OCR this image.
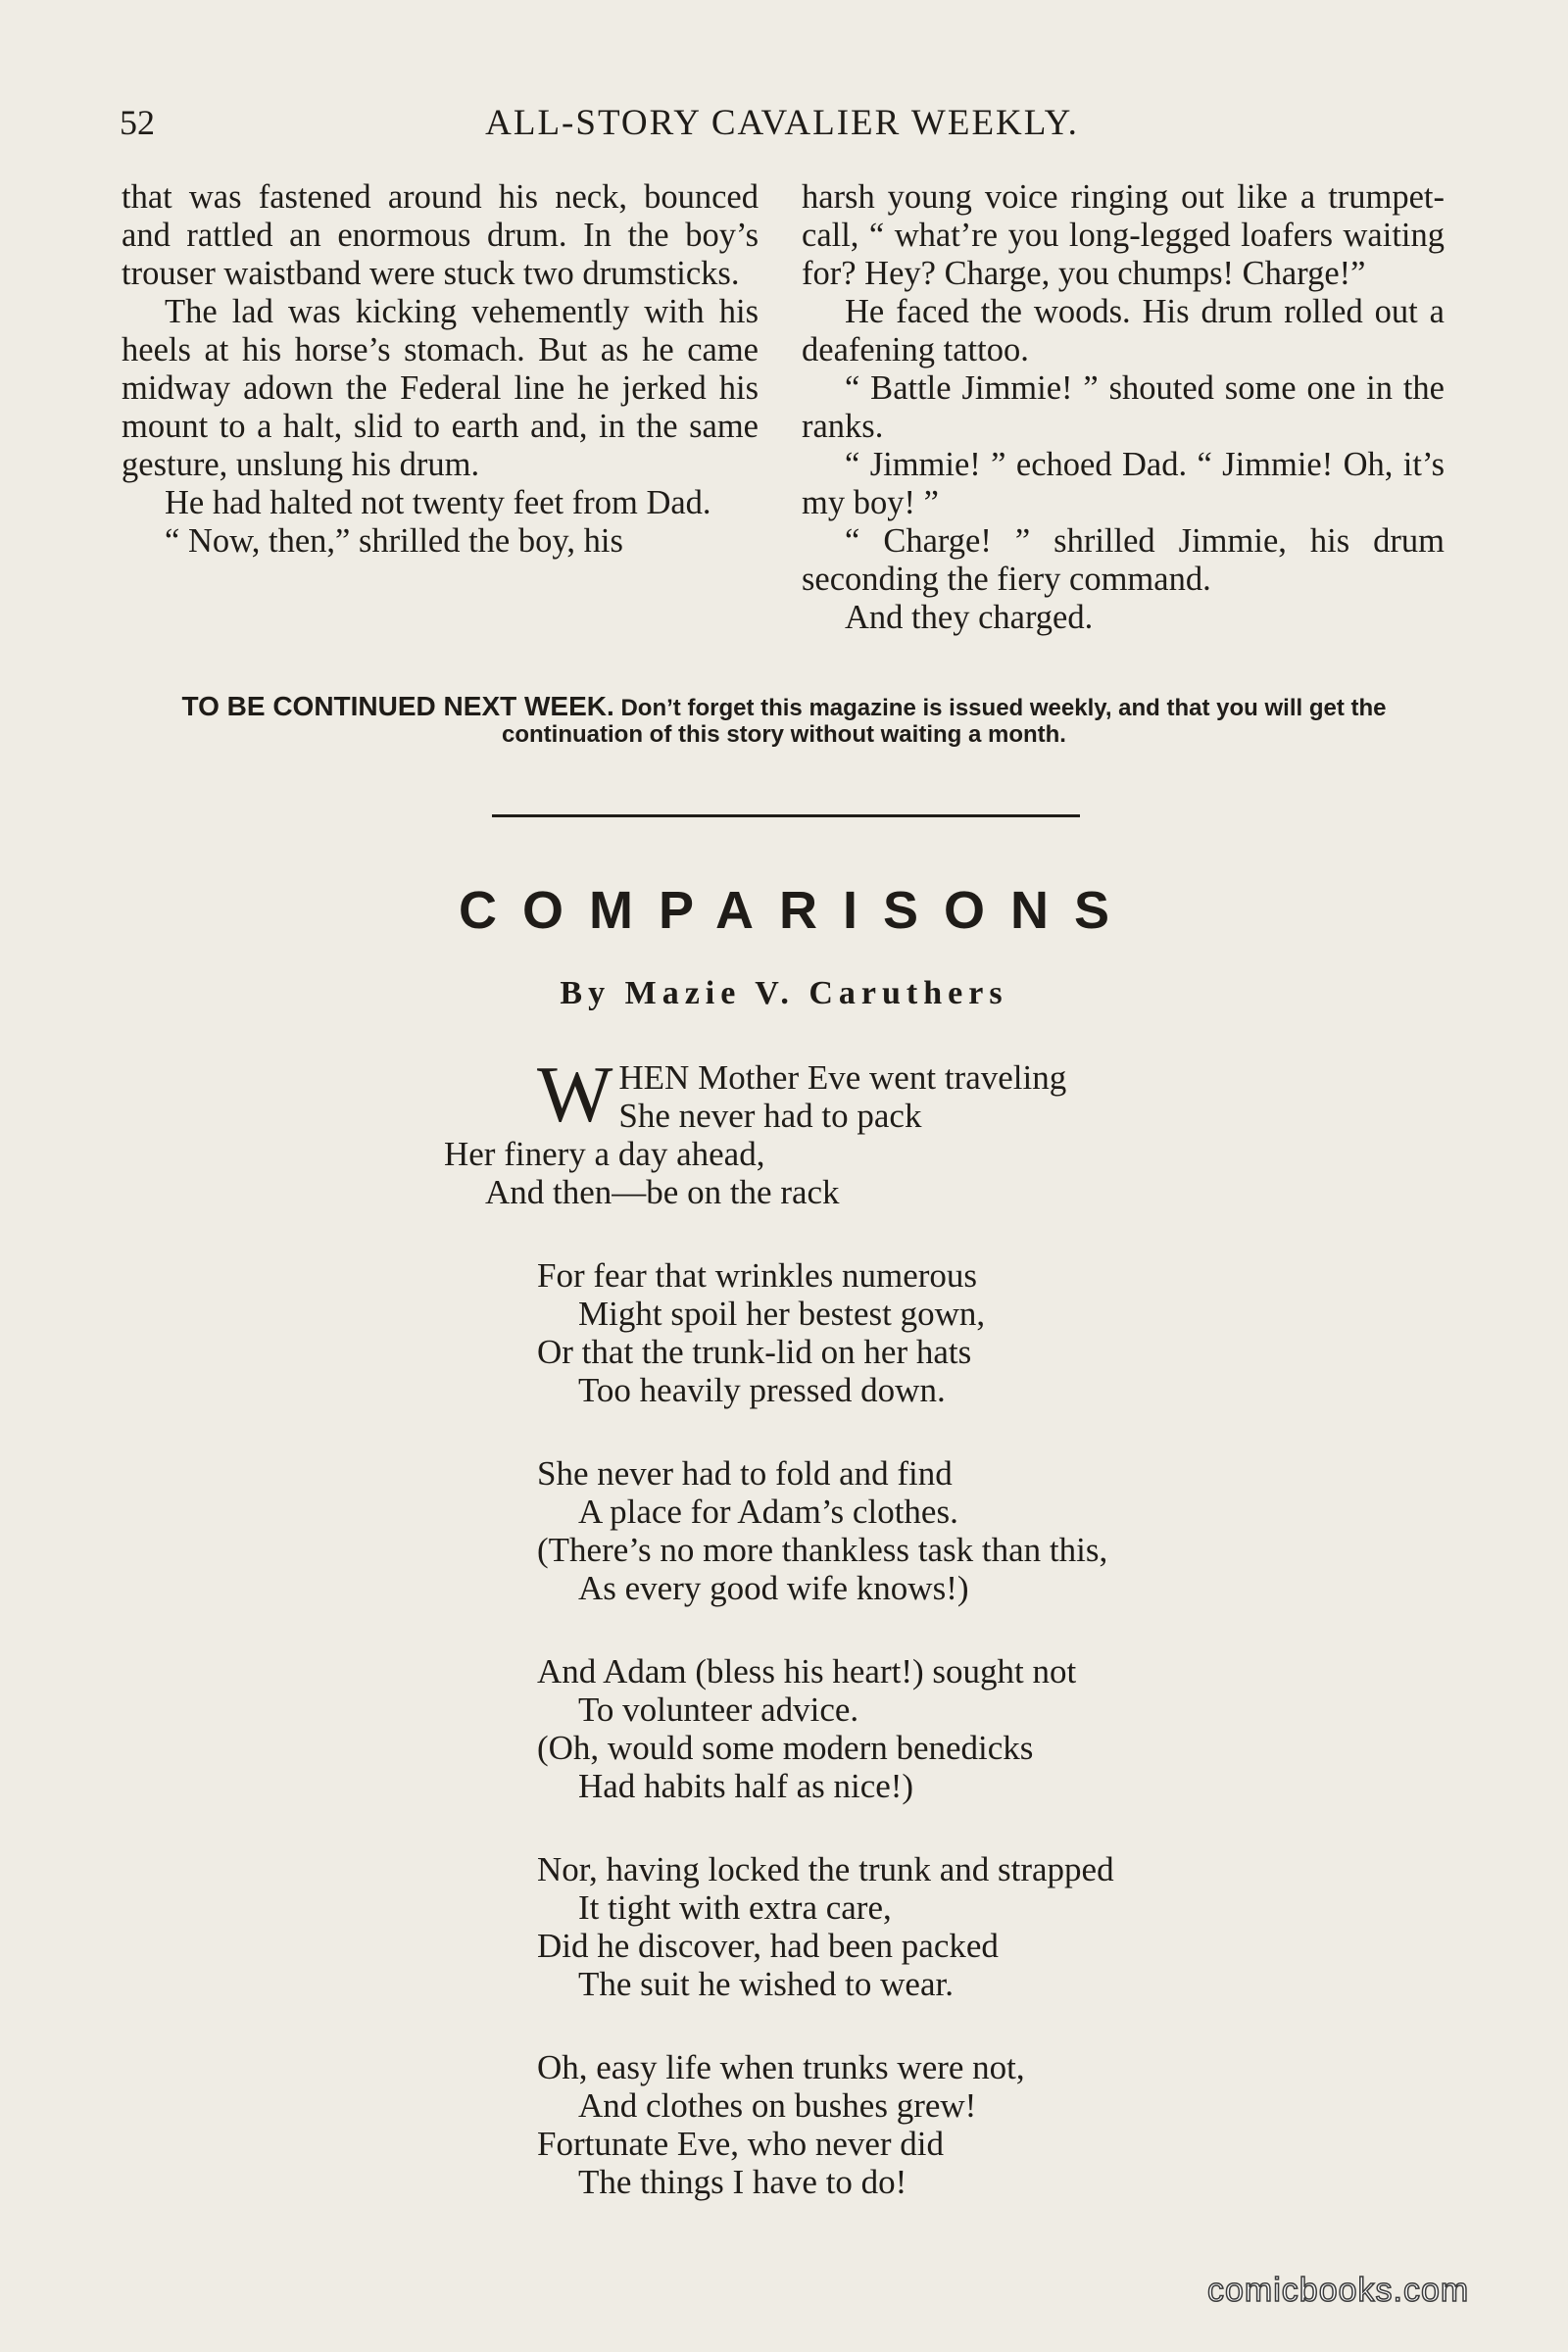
52	ALL-STORY CAVALIER WEEKLY.

that was fastened around his neck, bounced and rattled an enormous drum. In the boy’s trouser waistband were stuck two drumsticks.

The lad was kicking vehemently with his heels at his horse’s stomach. But as he came midway adown the Federal line he jerked his mount to a halt, slid to earth and, in the same gesture, unslung his drum.

He had halted not twenty feet from Dad.

“ Now, then,” shrilled the boy, his

harsh young voice ringing out like a trumpet-call, “ what’re you long-legged loafers waiting for? Hey? Charge, you chumps! Charge!”

He faced the woods. His drum rolled out a deafening tattoo.

“ Battle Jimmie! ” shouted some one in the ranks.

“ Jimmie! ” echoed Dad. “ Jimmie! Oh, it’s my boy! ”

“ Charge! ” shrilled Jimmie, his drum seconding the fiery command.

And they charged.

TO BE CONTINUED NEXT WEEK. Don’t forget this magazine is issued weekly, and that you will get the continuation of this story without waiting a month.
COMPARISONS
By Mazie V. Caruthers
W HEN Mother Eve went traveling
She never had to pack
Her finery a day ahead,
And then—be on the rack
For fear that wrinkles numerous
Might spoil her bestest gown,
Or that the trunk-lid on her hats
Too heavily pressed down.
She never had to fold and find
A place for Adam’s clothes.
(There’s no more thankless task than this,
As every good wife knows!)
And Adam (bless his heart!) sought not
To volunteer advice.
(Oh, would some modern benedicks
Had habits half as nice!)
Nor, having locked the trunk and strapped
It tight with extra care,
Did he discover, had been packed
The suit he wished to wear.
Oh, easy life when trunks were not,
And clothes on bushes grew!
Fortunate Eve, who never did
The things I have to do!
comicbooks.com
